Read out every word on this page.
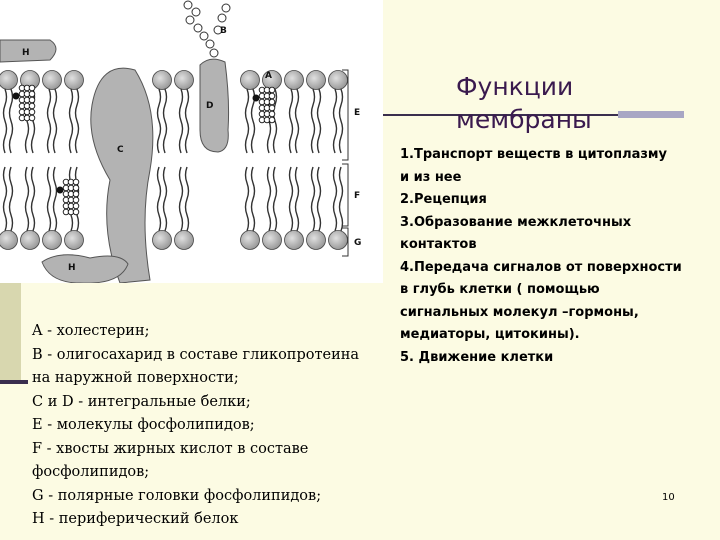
H
B
A
D
C
E
F
G
H
Функции
мембраны
1.Транспорт веществ в цитоплазму
и из нее
2.Рецепция
3.Образование межклеточных
контактов
4.Передача сигналов от поверхности
в глубь клетки ( помощью
сигнальных молекул –гормоны,
медиаторы, цитокины).
5. Движение клетки
A - холестерин;
B - олигосахарид в составе гликопротеина
на наружной поверхности;
C и D - интегральные белки;
E - молекулы фосфолипидов;
F - хвосты жирных кислот в составе
фосфолипидов;
G - полярные головки фосфолипидов;
H - периферический белок
10
